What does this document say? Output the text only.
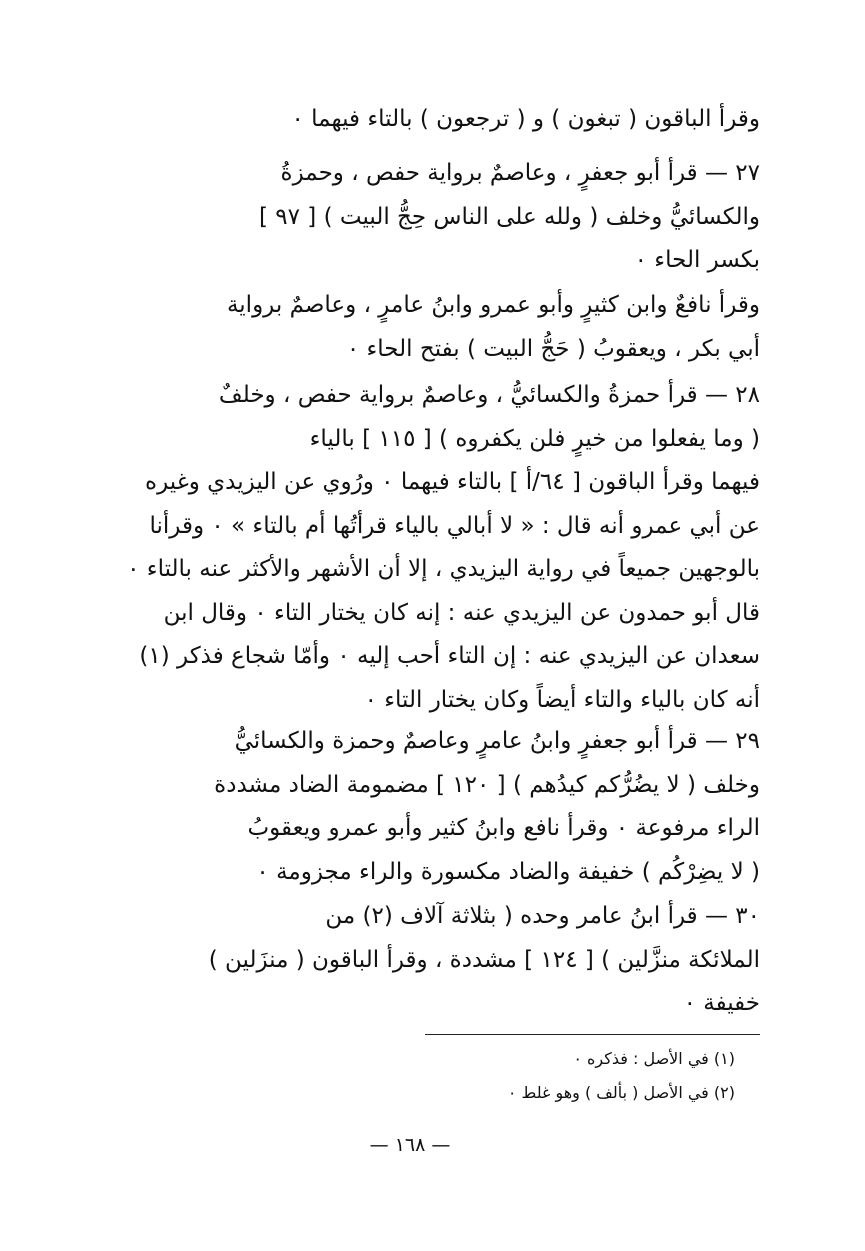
وقرأ الباقون ( تبغون ) و ( ترجعون ) بالتاء فيهما ٠
٢٧ — قرأ أبو جعفرٍ ، وعاصمٌ برواية حفص ، وحمزةُ
والكسائيُّ وخلف ( ولله على الناس حِجُّ البيت ) [ ٩٧ ]
بكسر الحاء ٠
وقرأ نافعٌ وابن كثيرٍ وأبو عمرو وابنُ عامرٍ ، وعاصمٌ برواية
أبي بكر ، ويعقوبُ ( حَجُّ البيت ) بفتح الحاء ٠
٢٨ — قرأ حمزةُ والكسائيُّ ، وعاصمٌ برواية حفص ، وخلفٌ
( وما يفعلوا من خيرٍ فلن يكفروه ) [ ١١٥ ] بالياء
فيهما وقرأ الباقون [ ٦٤/أ ] بالتاء فيهما ٠ ورُوي عن اليزيدي وغيره
عن أبي عمرو أنه قال : « لا أبالي بالياء قرأتُها أم بالتاء » ٠ وقرأنا
بالوجهين جميعاً في رواية اليزيدي ، إلا أن الأشهر والأكثر عنه بالتاء ٠
قال أبو حمدون عن اليزيدي عنه : إنه كان يختار التاء ٠ وقال ابن
سعدان عن اليزيدي عنه : إن التاء أحب إليه ٠ وأمّا شجاع فذكر (١)
أنه كان بالياء والتاء أيضاً وكان يختار التاء ٠
٢٩ — قرأ أبو جعفرٍ وابنُ عامرٍ وعاصمٌ وحمزة والكسائيُّ
وخلف ( لا يضُرُّكم كيدُهم ) [ ١٢٠ ] مضمومة الضاد مشددة
الراء مرفوعة ٠ وقرأ نافع وابنُ كثير وأبو عمرو ويعقوبُ
( لا يضِرْكُم ) خفيفة والضاد مكسورة والراء مجزومة ٠
٣٠ — قرأ ابنُ عامر وحده ( بثلاثة آلاف (٢) من
الملائكة منزَّلين ) [ ١٢٤ ] مشددة ، وقرأ الباقون ( منزَلين )
خفيفة ٠
(١) في الأصل : فذكره ٠
(٢) في الأصل ( بألف ) وهو غلط ٠
— ١٦٨ —
